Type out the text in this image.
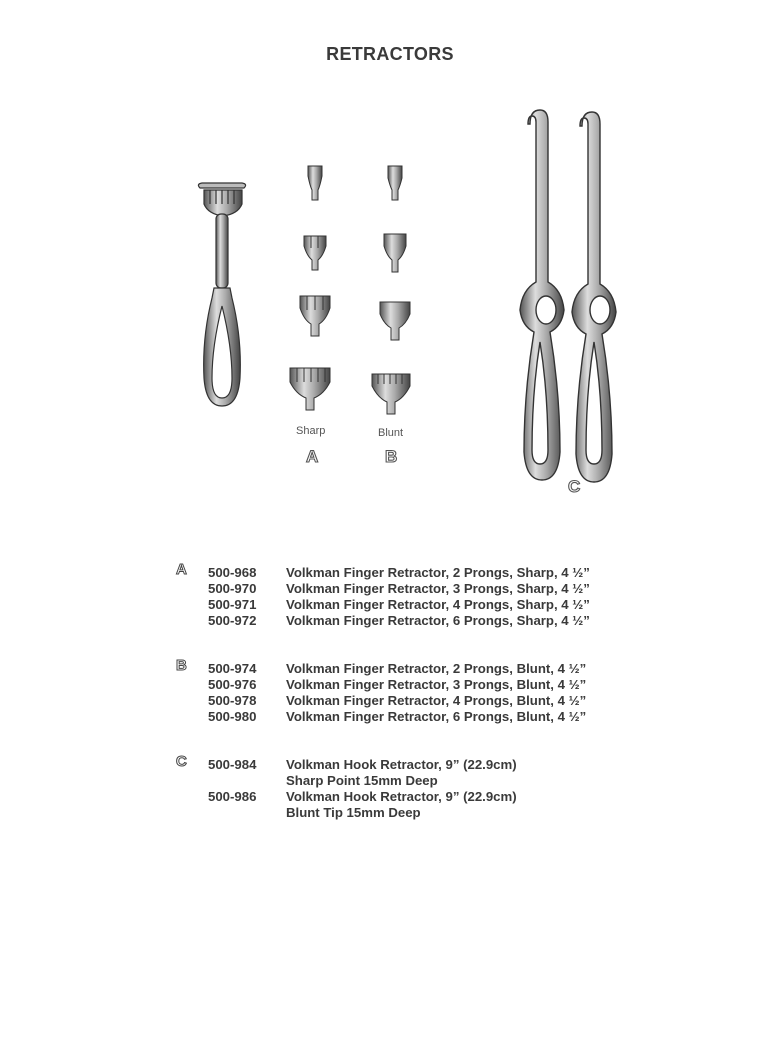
RETRACTORS
Sharp	Blunt
A	B
C
A 500-968 Volkman Finger Retractor, 2 Prongs, Sharp, 4 ½”
500-970 Volkman Finger Retractor, 3 Prongs, Sharp, 4 ½”
500-971 Volkman Finger Retractor, 4 Prongs, Sharp, 4 ½”
500-972 Volkman Finger Retractor, 6 Prongs, Sharp, 4 ½”
B 500-974 Volkman Finger Retractor, 2 Prongs, Blunt, 4 ½”
500-976 Volkman Finger Retractor, 3 Prongs, Blunt, 4 ½”
500-978 Volkman Finger Retractor, 4 Prongs, Blunt, 4 ½”
500-980 Volkman Finger Retractor, 6 Prongs, Blunt, 4 ½”
C 500-984 Volkman Hook Retractor, 9” (22.9cm)
Sharp Point 15mm Deep
500-986 Volkman Hook Retractor, 9” (22.9cm)
Blunt Tip 15mm Deep
